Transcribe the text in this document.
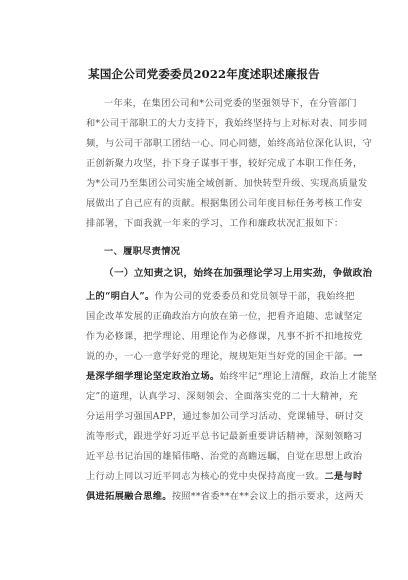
某国企公司党委委员2022年度述职述廉报告
一年来，在集团公司和*公司党委的坚强领导下，在分管部门
和*公司干部职工的大力支持下，我始终坚持与上对标对表、同步同
频，与公司干部职工团结一心、同心同德，始终高站位深化认识，守
正创新聚力攻坚，扑下身子谋事干事，较好完成了本职工作任务，
为*公司乃至集团公司实施全域创新、加快转型升级、实现高质量发
展做出了自己应有的贡献。根据集团公司年度目标任务考核工作安
排部署，下面我就一年来的学习、工作和廉政状况汇报如下：
一、履职尽责情况
（一）立知责之识，始终在加强理论学习上用实劲，争做政治
上的“明白人”。作为公司的党委委员和党员领导干部，我始终把
国企改革发展的正确政治方向放在第一位，把看齐追随、忠诚坚定
作为必修课，把学理论、用理论作为必修课，凡事不折不扣地按党
说的办，一心一意学好党的理论，规规矩矩当好党的国企干部。一
是深学细学理论坚定政治立场。始终牢记“理论上清醒，政治上才能坚
定”的道理，认真学习、深刻领会、全面落实党的二十大精神，充
分运用学习强国APP，通过参加公司学习活动、党课辅导、研讨交
流等形式，跟进学好习近平总书记最新重要讲话精神，深刻领略习
近平总书记治国的雄韬伟略、治党的高瞻远瞩，自觉在思想上政治
上行动上同以习近平同志为核心的党中央保持高度一致。二是与时
俱进拓展融合思维。按照**省委**在**会议上的指示要求，这两天
